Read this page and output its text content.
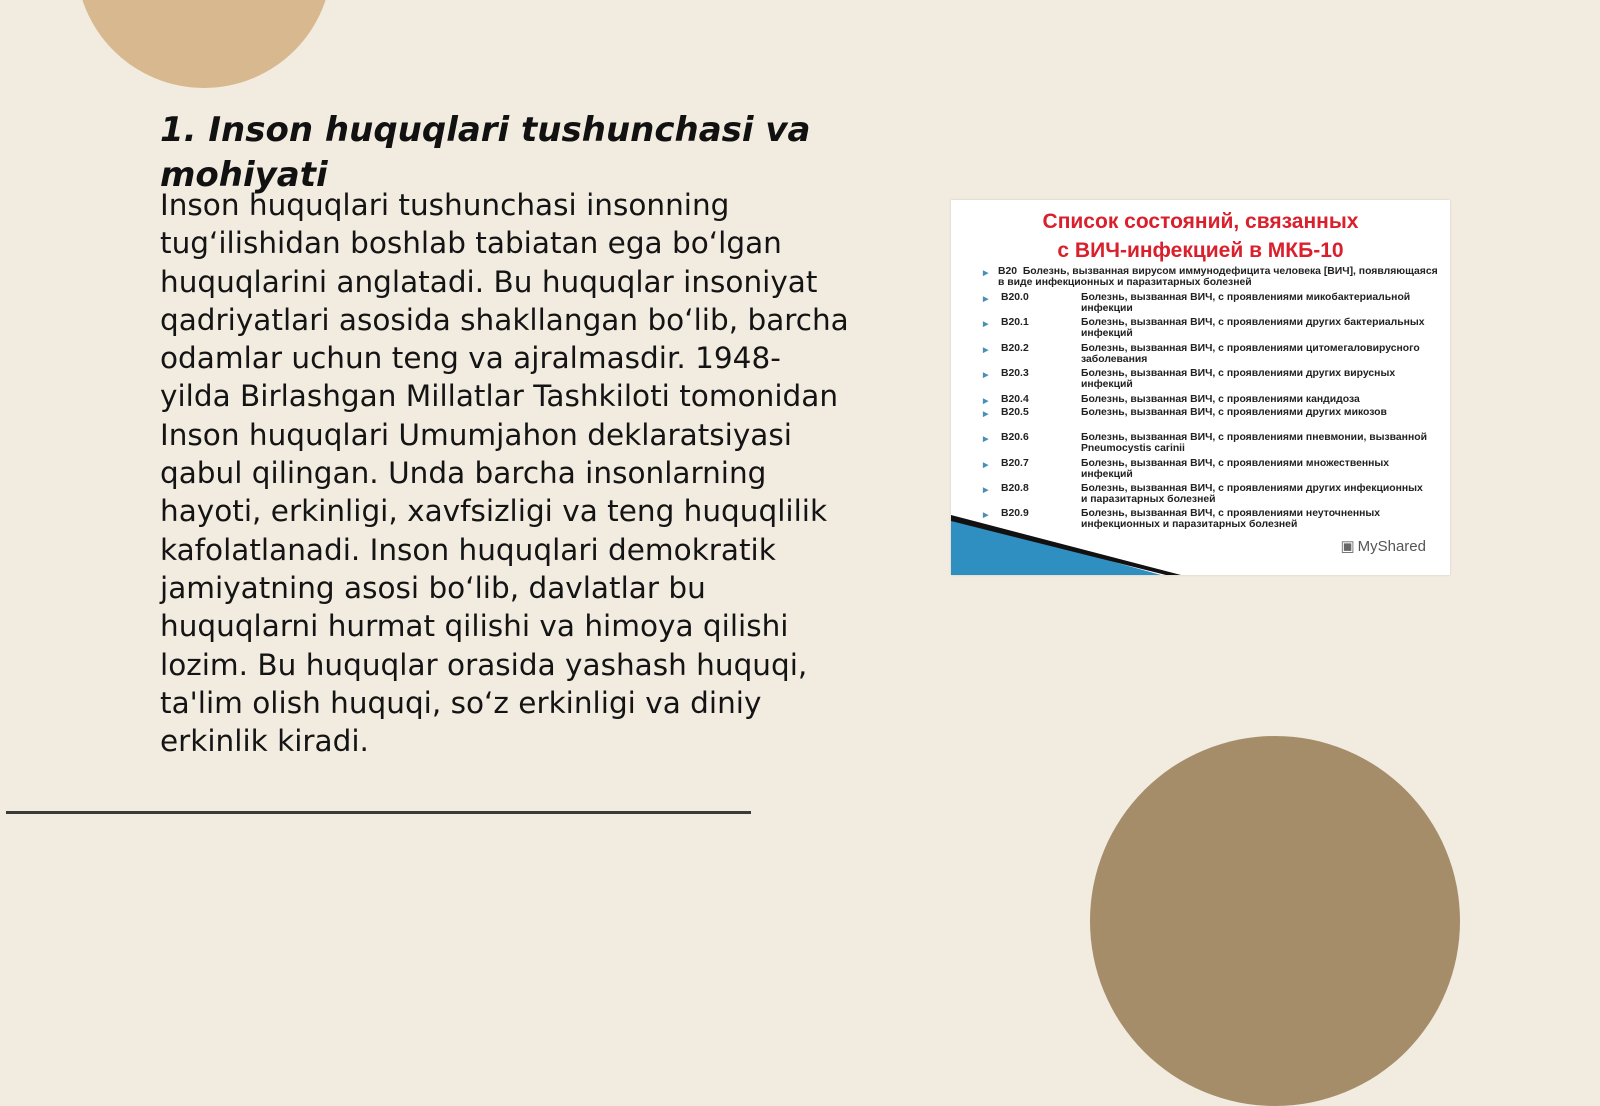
1. Inson huquqlari tushunchasi va mohiyati

Inson huquqlari tushunchasi insonning tug‘ilishidan boshlab tabiatan ega bo‘lgan huquqlarini anglatadi. Bu huquqlar insoniyat qadriyatlari asosida shakllangan bo‘lib, barcha odamlar uchun teng va ajralmasdir. 1948-yilda Birlashgan Millatlar Tashkiloti tomonidan Inson huquqlari Umumjahon deklaratsiyasi qabul qilingan. Unda barcha insonlarning hayoti, erkinligi, xavfsizligi va teng huquqlilik kafolatlanadi. Inson huquqlari demokratik jamiyatning asosi bo‘lib, davlatlar bu huquqlarni hurmat qilishi va himoya qilishi lozim. Bu huquqlar orasida yashash huquqi, ta'lim olish huquqi, so‘z erkinligi va diniy erkinlik kiradi.

Список состояний, связанных
с ВИЧ-инфекцией в МКБ-10
▶ B20 Болезнь, вызванная вирусом иммунодефицита человека [ВИЧ], появляющаяся в виде инфекционных и паразитарных болезней
▶ B20.0	Болезнь, вызванная ВИЧ, с проявлениями микобактериальной инфекции
▶ B20.1	Болезнь, вызванная ВИЧ, с проявлениями других бактериальных инфекций
▶ B20.2	Болезнь, вызванная ВИЧ, с проявлениями цитомегаловирусного заболевания
▶ B20.3	Болезнь, вызванная ВИЧ, с проявлениями других вирусных инфекций
▶ B20.4	Болезнь, вызванная ВИЧ, с проявлениями кандидоза
▶ B20.5	Болезнь, вызванная ВИЧ, с проявлениями других микозов
▶ B20.6	Болезнь, вызванная ВИЧ, с проявлениями пневмонии, вызванной Pneumocystis carinii
▶ B20.7	Болезнь, вызванная ВИЧ, с проявлениями множественных инфекций
▶ B20.8	Болезнь, вызванная ВИЧ, с проявлениями других инфекционных и паразитарных болезней
▶ B20.9	Болезнь, вызванная ВИЧ, с проявлениями неуточненных инфекционных и паразитарных болезней
▣ MyShared
